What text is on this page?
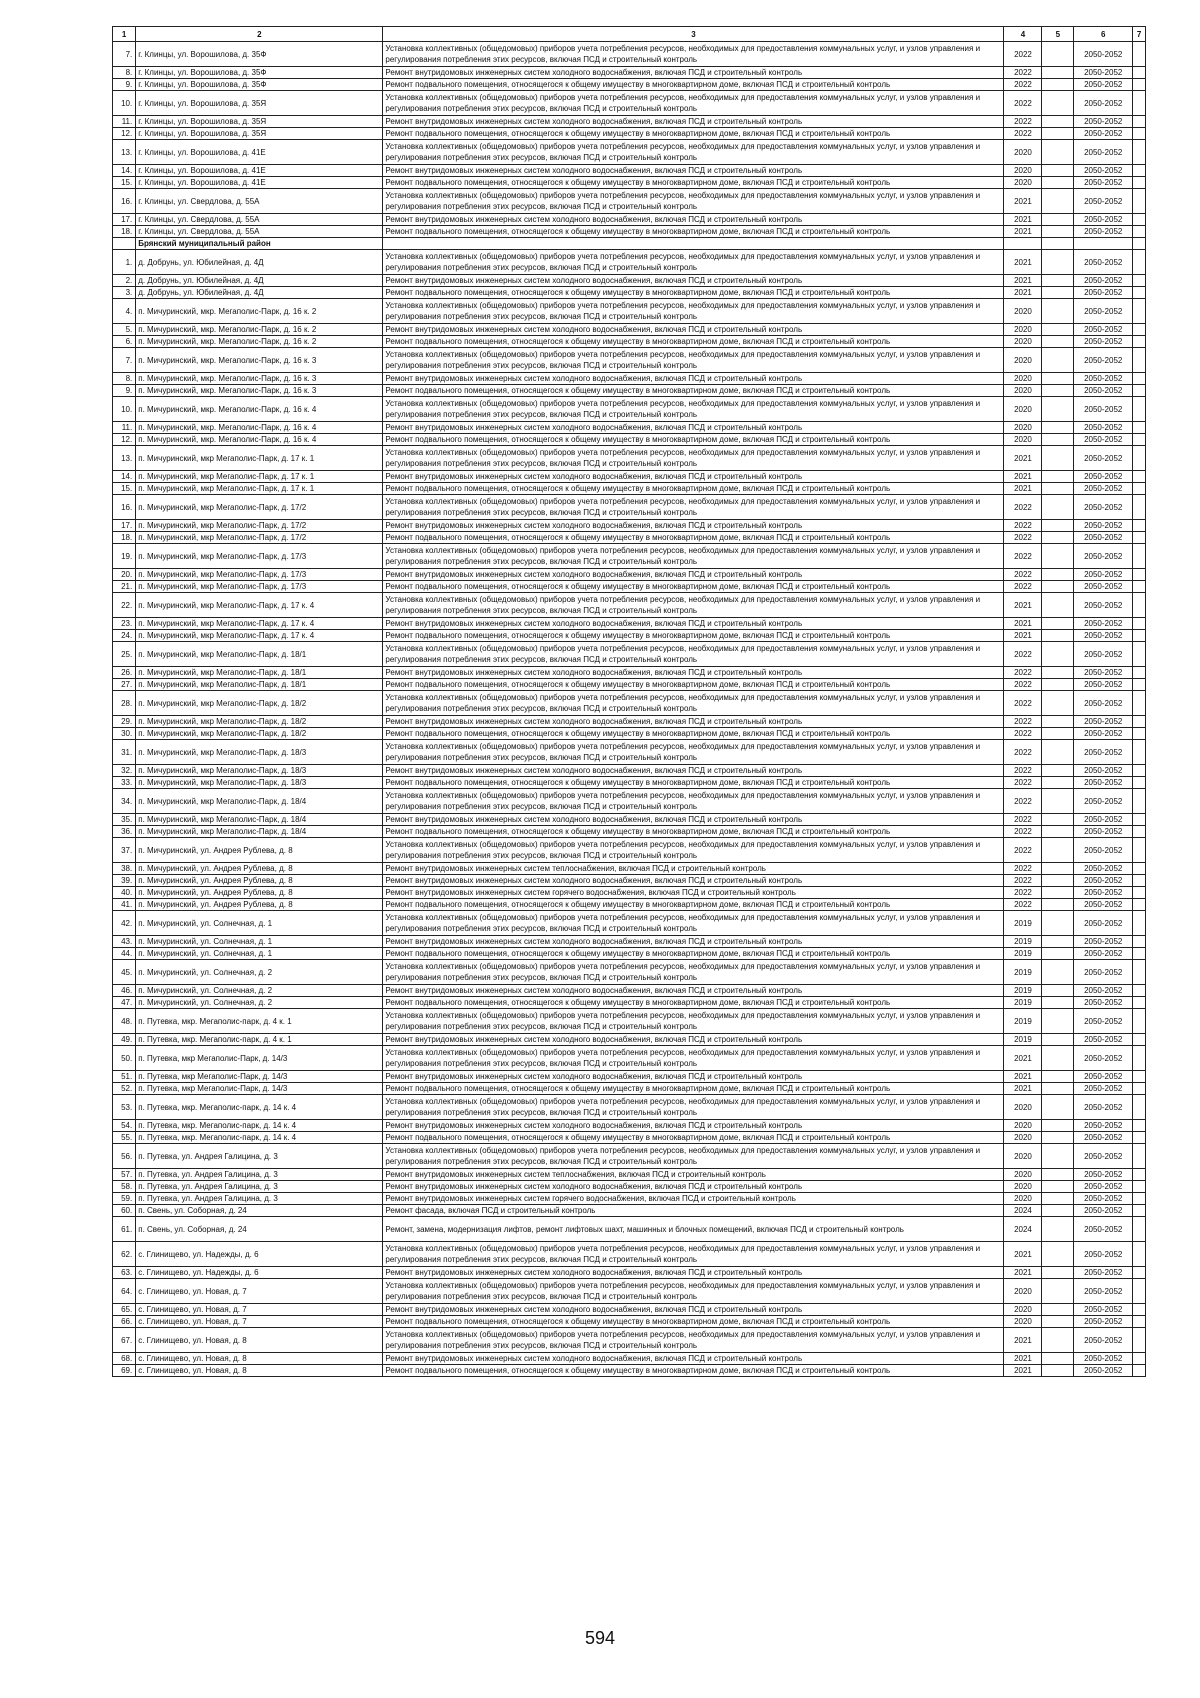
1	2	3	4	5	6	7
7.	г. Клинцы, ул. Ворошилова, д. 35Ф	Установка коллективных (общедомовых) приборов учета потребления ресурсов, необходимых для предоставления коммунальных услуг, и узлов управления и регулирования потребления этих ресурсов, включая ПСД и строительный контроль	2022		2050-2052	
8.	г. Клинцы, ул. Ворошилова, д. 35Ф	Ремонт внутридомовых инженерных систем холодного водоснабжения, включая ПСД и строительный контроль	2022		2050-2052	
9.	г. Клинцы, ул. Ворошилова, д. 35Ф	Ремонт подвального помещения, относящегося к общему имуществу в многоквартирном доме, включая ПСД и строительный контроль	2022		2050-2052	
10.	г. Клинцы, ул. Ворошилова, д. 35Я	Установка коллективных (общедомовых) приборов учета потребления ресурсов, необходимых для предоставления коммунальных услуг, и узлов управления и регулирования потребления этих ресурсов, включая ПСД и строительный контроль	2022		2050-2052	
11.	г. Клинцы, ул. Ворошилова, д. 35Я	Ремонт внутридомовых инженерных систем холодного водоснабжения, включая ПСД и строительный контроль	2022		2050-2052	
12.	г. Клинцы, ул. Ворошилова, д. 35Я	Ремонт подвального помещения, относящегося к общему имуществу в многоквартирном доме, включая ПСД и строительный контроль	2022		2050-2052	
13.	г. Клинцы, ул. Ворошилова, д. 41Е	Установка коллективных (общедомовых) приборов учета потребления ресурсов, необходимых для предоставления коммунальных услуг, и узлов управления и регулирования потребления этих ресурсов, включая ПСД и строительный контроль	2020		2050-2052	
14.	г. Клинцы, ул. Ворошилова, д. 41Е	Ремонт внутридомовых инженерных систем холодного водоснабжения, включая ПСД и строительный контроль	2020		2050-2052	
15.	г. Клинцы, ул. Ворошилова, д. 41Е	Ремонт подвального помещения, относящегося к общему имуществу в многоквартирном доме, включая ПСД и строительный контроль	2020		2050-2052	
16.	г. Клинцы, ул. Свердлова, д. 55А	Установка коллективных (общедомовых) приборов учета потребления ресурсов, необходимых для предоставления коммунальных услуг, и узлов управления и регулирования потребления этих ресурсов, включая ПСД и строительный контроль	2021		2050-2052	
17.	г. Клинцы, ул. Свердлова, д. 55А	Ремонт внутридомовых инженерных систем холодного водоснабжения, включая ПСД и строительный контроль	2021		2050-2052	
18.	г. Клинцы, ул. Свердлова, д. 55А	Ремонт подвального помещения, относящегося к общему имуществу в многоквартирном доме, включая ПСД и строительный контроль	2021		2050-2052	
	Брянский муниципальный район					
1.	д. Добрунь, ул. Юбилейная, д. 4Д	Установка коллективных (общедомовых) приборов учета потребления ресурсов, необходимых для предоставления коммунальных услуг, и узлов управления и регулирования потребления этих ресурсов, включая ПСД и строительный контроль	2021		2050-2052	
2.	д. Добрунь, ул. Юбилейная, д. 4Д	Ремонт внутридомовых инженерных систем холодного водоснабжения, включая ПСД и строительный контроль	2021		2050-2052	
3.	д. Добрунь, ул. Юбилейная, д. 4Д	Ремонт подвального помещения, относящегося к общему имуществу в многоквартирном доме, включая ПСД и строительный контроль	2021		2050-2052	
4.	п. Мичуринский, мкр. Мегаполис-Парк, д. 16 к. 2	Установка коллективных (общедомовых) приборов учета потребления ресурсов, необходимых для предоставления коммунальных услуг, и узлов управления и регулирования потребления этих ресурсов, включая ПСД и строительный контроль	2020		2050-2052	
5.	п. Мичуринский, мкр. Мегаполис-Парк, д. 16 к. 2	Ремонт внутридомовых инженерных систем холодного водоснабжения, включая ПСД и строительный контроль	2020		2050-2052	
6.	п. Мичуринский, мкр. Мегаполис-Парк, д. 16 к. 2	Ремонт подвального помещения, относящегося к общему имуществу в многоквартирном доме, включая ПСД и строительный контроль	2020		2050-2052	
7.	п. Мичуринский, мкр. Мегаполис-Парк, д. 16 к. 3	Установка коллективных (общедомовых) приборов учета потребления ресурсов, необходимых для предоставления коммунальных услуг, и узлов управления и регулирования потребления этих ресурсов, включая ПСД и строительный контроль	2020		2050-2052	
8.	п. Мичуринский, мкр. Мегаполис-Парк, д. 16 к. 3	Ремонт внутридомовых инженерных систем холодного водоснабжения, включая ПСД и строительный контроль	2020		2050-2052	
9.	п. Мичуринский, мкр. Мегаполис-Парк, д. 16 к. 3	Ремонт подвального помещения, относящегося к общему имуществу в многоквартирном доме, включая ПСД и строительный контроль	2020		2050-2052	
10.	п. Мичуринский, мкр. Мегаполис-Парк, д. 16 к. 4	Установка коллективных (общедомовых) приборов учета потребления ресурсов, необходимых для предоставления коммунальных услуг, и узлов управления и регулирования потребления этих ресурсов, включая ПСД и строительный контроль	2020		2050-2052	
11.	п. Мичуринский, мкр. Мегаполис-Парк, д. 16 к. 4	Ремонт внутридомовых инженерных систем холодного водоснабжения, включая ПСД и строительный контроль	2020		2050-2052	
12.	п. Мичуринский, мкр. Мегаполис-Парк, д. 16 к. 4	Ремонт подвального помещения, относящегося к общему имуществу в многоквартирном доме, включая ПСД и строительный контроль	2020		2050-2052	
13.	п. Мичуринский, мкр Мегаполис-Парк, д. 17 к. 1	Установка коллективных (общедомовых) приборов учета потребления ресурсов, необходимых для предоставления коммунальных услуг, и узлов управления и регулирования потребления этих ресурсов, включая ПСД и строительный контроль	2021		2050-2052	
14.	п. Мичуринский, мкр Мегаполис-Парк, д. 17 к. 1	Ремонт внутридомовых инженерных систем холодного водоснабжения, включая ПСД и строительный контроль	2021		2050-2052	
15.	п. Мичуринский, мкр Мегаполис-Парк, д. 17 к. 1	Ремонт подвального помещения, относящегося к общему имуществу в многоквартирном доме, включая ПСД и строительный контроль	2021		2050-2052	
16.	п. Мичуринский, мкр Мегаполис-Парк, д. 17/2	Установка коллективных (общедомовых) приборов учета потребления ресурсов, необходимых для предоставления коммунальных услуг, и узлов управления и регулирования потребления этих ресурсов, включая ПСД и строительный контроль	2022		2050-2052	
17.	п. Мичуринский, мкр Мегаполис-Парк, д. 17/2	Ремонт внутридомовых инженерных систем холодного водоснабжения, включая ПСД и строительный контроль	2022		2050-2052	
18.	п. Мичуринский, мкр Мегаполис-Парк, д. 17/2	Ремонт подвального помещения, относящегося к общему имуществу в многоквартирном доме, включая ПСД и строительный контроль	2022		2050-2052	
19.	п. Мичуринский, мкр Мегаполис-Парк, д. 17/3	Установка коллективных (общедомовых) приборов учета потребления ресурсов, необходимых для предоставления коммунальных услуг, и узлов управления и регулирования потребления этих ресурсов, включая ПСД и строительный контроль	2022		2050-2052	
20.	п. Мичуринский, мкр Мегаполис-Парк, д. 17/3	Ремонт внутридомовых инженерных систем холодного водоснабжения, включая ПСД и строительный контроль	2022		2050-2052	
21.	п. Мичуринский, мкр Мегаполис-Парк, д. 17/3	Ремонт подвального помещения, относящегося к общему имуществу в многоквартирном доме, включая ПСД и строительный контроль	2022		2050-2052	
22.	п. Мичуринский, мкр Мегаполис-Парк, д. 17 к. 4	Установка коллективных (общедомовых) приборов учета потребления ресурсов, необходимых для предоставления коммунальных услуг, и узлов управления и регулирования потребления этих ресурсов, включая ПСД и строительный контроль	2021		2050-2052	
23.	п. Мичуринский, мкр Мегаполис-Парк, д. 17 к. 4	Ремонт внутридомовых инженерных систем холодного водоснабжения, включая ПСД и строительный контроль	2021		2050-2052	
24.	п. Мичуринский, мкр Мегаполис-Парк, д. 17 к. 4	Ремонт подвального помещения, относящегося к общему имуществу в многоквартирном доме, включая ПСД и строительный контроль	2021		2050-2052	
25.	п. Мичуринский, мкр Мегаполис-Парк, д. 18/1	Установка коллективных (общедомовых) приборов учета потребления ресурсов, необходимых для предоставления коммунальных услуг, и узлов управления и регулирования потребления этих ресурсов, включая ПСД и строительный контроль	2022		2050-2052	
26.	п. Мичуринский, мкр Мегаполис-Парк, д. 18/1	Ремонт внутридомовых инженерных систем холодного водоснабжения, включая ПСД и строительный контроль	2022		2050-2052	
27.	п. Мичуринский, мкр Мегаполис-Парк, д. 18/1	Ремонт подвального помещения, относящегося к общему имуществу в многоквартирном доме, включая ПСД и строительный контроль	2022		2050-2052	
28.	п. Мичуринский, мкр Мегаполис-Парк, д. 18/2	Установка коллективных (общедомовых) приборов учета потребления ресурсов, необходимых для предоставления коммунальных услуг, и узлов управления и регулирования потребления этих ресурсов, включая ПСД и строительный контроль	2022		2050-2052	
29.	п. Мичуринский, мкр Мегаполис-Парк, д. 18/2	Ремонт внутридомовых инженерных систем холодного водоснабжения, включая ПСД и строительный контроль	2022		2050-2052	
30.	п. Мичуринский, мкр Мегаполис-Парк, д. 18/2	Ремонт подвального помещения, относящегося к общему имуществу в многоквартирном доме, включая ПСД и строительный контроль	2022		2050-2052	
31.	п. Мичуринский, мкр Мегаполис-Парк, д. 18/3	Установка коллективных (общедомовых) приборов учета потребления ресурсов, необходимых для предоставления коммунальных услуг, и узлов управления и регулирования потребления этих ресурсов, включая ПСД и строительный контроль	2022		2050-2052	
32.	п. Мичуринский, мкр Мегаполис-Парк, д. 18/3	Ремонт внутридомовых инженерных систем холодного водоснабжения, включая ПСД и строительный контроль	2022		2050-2052	
33.	п. Мичуринский, мкр Мегаполис-Парк, д. 18/3	Ремонт подвального помещения, относящегося к общему имуществу в многоквартирном доме, включая ПСД и строительный контроль	2022		2050-2052	
34.	п. Мичуринский, мкр Мегаполис-Парк, д. 18/4	Установка коллективных (общедомовых) приборов учета потребления ресурсов, необходимых для предоставления коммунальных услуг, и узлов управления и регулирования потребления этих ресурсов, включая ПСД и строительный контроль	2022		2050-2052	
35.	п. Мичуринский, мкр Мегаполис-Парк, д. 18/4	Ремонт внутридомовых инженерных систем холодного водоснабжения, включая ПСД и строительный контроль	2022		2050-2052	
36.	п. Мичуринский, мкр Мегаполис-Парк, д. 18/4	Ремонт подвального помещения, относящегося к общему имуществу в многоквартирном доме, включая ПСД и строительный контроль	2022		2050-2052	
37.	п. Мичуринский, ул. Андрея Рублева, д. 8	Установка коллективных (общедомовых) приборов учета потребления ресурсов, необходимых для предоставления коммунальных услуг, и узлов управления и регулирования потребления этих ресурсов, включая ПСД и строительный контроль	2022		2050-2052	
38.	п. Мичуринский, ул. Андрея Рублева, д. 8	Ремонт внутридомовых инженерных систем теплоснабжения, включая ПСД и строительный контроль	2022		2050-2052	
39.	п. Мичуринский, ул. Андрея Рублева, д. 8	Ремонт внутридомовых инженерных систем холодного водоснабжения, включая ПСД и строительный контроль	2022		2050-2052	
40.	п. Мичуринский, ул. Андрея Рублева, д. 8	Ремонт внутридомовых инженерных систем горячего водоснабжения, включая ПСД и строительный контроль	2022		2050-2052	
41.	п. Мичуринский, ул. Андрея Рублева, д. 8	Ремонт подвального помещения, относящегося к общему имуществу в многоквартирном доме, включая ПСД и строительный контроль	2022		2050-2052	
42.	п. Мичуринский, ул. Солнечная, д. 1	Установка коллективных (общедомовых) приборов учета потребления ресурсов, необходимых для предоставления коммунальных услуг, и узлов управления и регулирования потребления этих ресурсов, включая ПСД и строительный контроль	2019		2050-2052	
43.	п. Мичуринский, ул. Солнечная, д. 1	Ремонт внутридомовых инженерных систем холодного водоснабжения, включая ПСД и строительный контроль	2019		2050-2052	
44.	п. Мичуринский, ул. Солнечная, д. 1	Ремонт подвального помещения, относящегося к общему имуществу в многоквартирном доме, включая ПСД и строительный контроль	2019		2050-2052	
45.	п. Мичуринский, ул. Солнечная, д. 2	Установка коллективных (общедомовых) приборов учета потребления ресурсов, необходимых для предоставления коммунальных услуг, и узлов управления и регулирования потребления этих ресурсов, включая ПСД и строительный контроль	2019		2050-2052	
46.	п. Мичуринский, ул. Солнечная, д. 2	Ремонт внутридомовых инженерных систем холодного водоснабжения, включая ПСД и строительный контроль	2019		2050-2052	
47.	п. Мичуринский, ул. Солнечная, д. 2	Ремонт подвального помещения, относящегося к общему имуществу в многоквартирном доме, включая ПСД и строительный контроль	2019		2050-2052	
48.	п. Путевка, мкр. Мегаполис-парк, д. 4 к. 1	Установка коллективных (общедомовых) приборов учета потребления ресурсов, необходимых для предоставления коммунальных услуг, и узлов управления и регулирования потребления этих ресурсов, включая ПСД и строительный контроль	2019		2050-2052	
49.	п. Путевка, мкр. Мегаполис-парк, д. 4 к. 1	Ремонт внутридомовых инженерных систем холодного водоснабжения, включая ПСД и строительный контроль	2019		2050-2052	
50.	п. Путевка, мкр Мегаполис-Парк, д. 14/3	Установка коллективных (общедомовых) приборов учета потребления ресурсов, необходимых для предоставления коммунальных услуг, и узлов управления и регулирования потребления этих ресурсов, включая ПСД и строительный контроль	2021		2050-2052	
51.	п. Путевка, мкр Мегаполис-Парк, д. 14/3	Ремонт внутридомовых инженерных систем холодного водоснабжения, включая ПСД и строительный контроль	2021		2050-2052	
52.	п. Путевка, мкр Мегаполис-Парк, д. 14/3	Ремонт подвального помещения, относящегося к общему имуществу в многоквартирном доме, включая ПСД и строительный контроль	2021		2050-2052	
53.	п. Путевка, мкр. Мегаполис-парк, д. 14 к. 4	Установка коллективных (общедомовых) приборов учета потребления ресурсов, необходимых для предоставления коммунальных услуг, и узлов управления и регулирования потребления этих ресурсов, включая ПСД и строительный контроль	2020		2050-2052	
54.	п. Путевка, мкр. Мегаполис-парк, д. 14 к. 4	Ремонт внутридомовых инженерных систем холодного водоснабжения, включая ПСД и строительный контроль	2020		2050-2052	
55.	п. Путевка, мкр. Мегаполис-парк, д. 14 к. 4	Ремонт подвального помещения, относящегося к общему имуществу в многоквартирном доме, включая ПСД и строительный контроль	2020		2050-2052	
56.	п. Путевка, ул. Андрея Галицина, д. 3	Установка коллективных (общедомовых) приборов учета потребления ресурсов, необходимых для предоставления коммунальных услуг, и узлов управления и регулирования потребления этих ресурсов, включая ПСД и строительный контроль	2020		2050-2052	
57.	п. Путевка, ул. Андрея Галицина, д. 3	Ремонт внутридомовых инженерных систем теплоснабжения, включая ПСД и строительный контроль	2020		2050-2052	
58.	п. Путевка, ул. Андрея Галицина, д. 3	Ремонт внутридомовых инженерных систем холодного водоснабжения, включая ПСД и строительный контроль	2020		2050-2052	
59.	п. Путевка, ул. Андрея Галицина, д. 3	Ремонт внутридомовых инженерных систем горячего водоснабжения, включая ПСД и строительный контроль	2020		2050-2052	
60.	п. Свень, ул. Соборная, д. 24	Ремонт фасада, включая ПСД и строительный контроль	2024		2050-2052	
61.	п. Свень, ул. Соборная, д. 24	Ремонт, замена, модернизация лифтов, ремонт лифтовых шахт, машинных и блочных помещений, включая ПСД и строительный контроль	2024		2050-2052	
62.	с. Глинищево, ул. Надежды, д. 6	Установка коллективных (общедомовых) приборов учета потребления ресурсов, необходимых для предоставления коммунальных услуг, и узлов управления и регулирования потребления этих ресурсов, включая ПСД и строительный контроль	2021		2050-2052	
63.	с. Глинищево, ул. Надежды, д. 6	Ремонт внутридомовых инженерных систем холодного водоснабжения, включая ПСД и строительный контроль	2021		2050-2052	
64.	с. Глинищево, ул. Новая, д. 7	Установка коллективных (общедомовых) приборов учета потребления ресурсов, необходимых для предоставления коммунальных услуг, и узлов управления и регулирования потребления этих ресурсов, включая ПСД и строительный контроль	2020		2050-2052	
65.	с. Глинищево, ул. Новая, д. 7	Ремонт внутридомовых инженерных систем холодного водоснабжения, включая ПСД и строительный контроль	2020		2050-2052	
66.	с. Глинищево, ул. Новая, д. 7	Ремонт подвального помещения, относящегося к общему имуществу в многоквартирном доме, включая ПСД и строительный контроль	2020		2050-2052	
67.	с. Глинищево, ул. Новая, д. 8	Установка коллективных (общедомовых) приборов учета потребления ресурсов, необходимых для предоставления коммунальных услуг, и узлов управления и регулирования потребления этих ресурсов, включая ПСД и строительный контроль	2021		2050-2052	
68.	с. Глинищево, ул. Новая, д. 8	Ремонт внутридомовых инженерных систем холодного водоснабжения, включая ПСД и строительный контроль	2021		2050-2052	
69.	с. Глинищево, ул. Новая, д. 8	Ремонт подвального помещения, относящегося к общему имуществу в многоквартирном доме, включая ПСД и строительный контроль	2021		2050-2052	
594
